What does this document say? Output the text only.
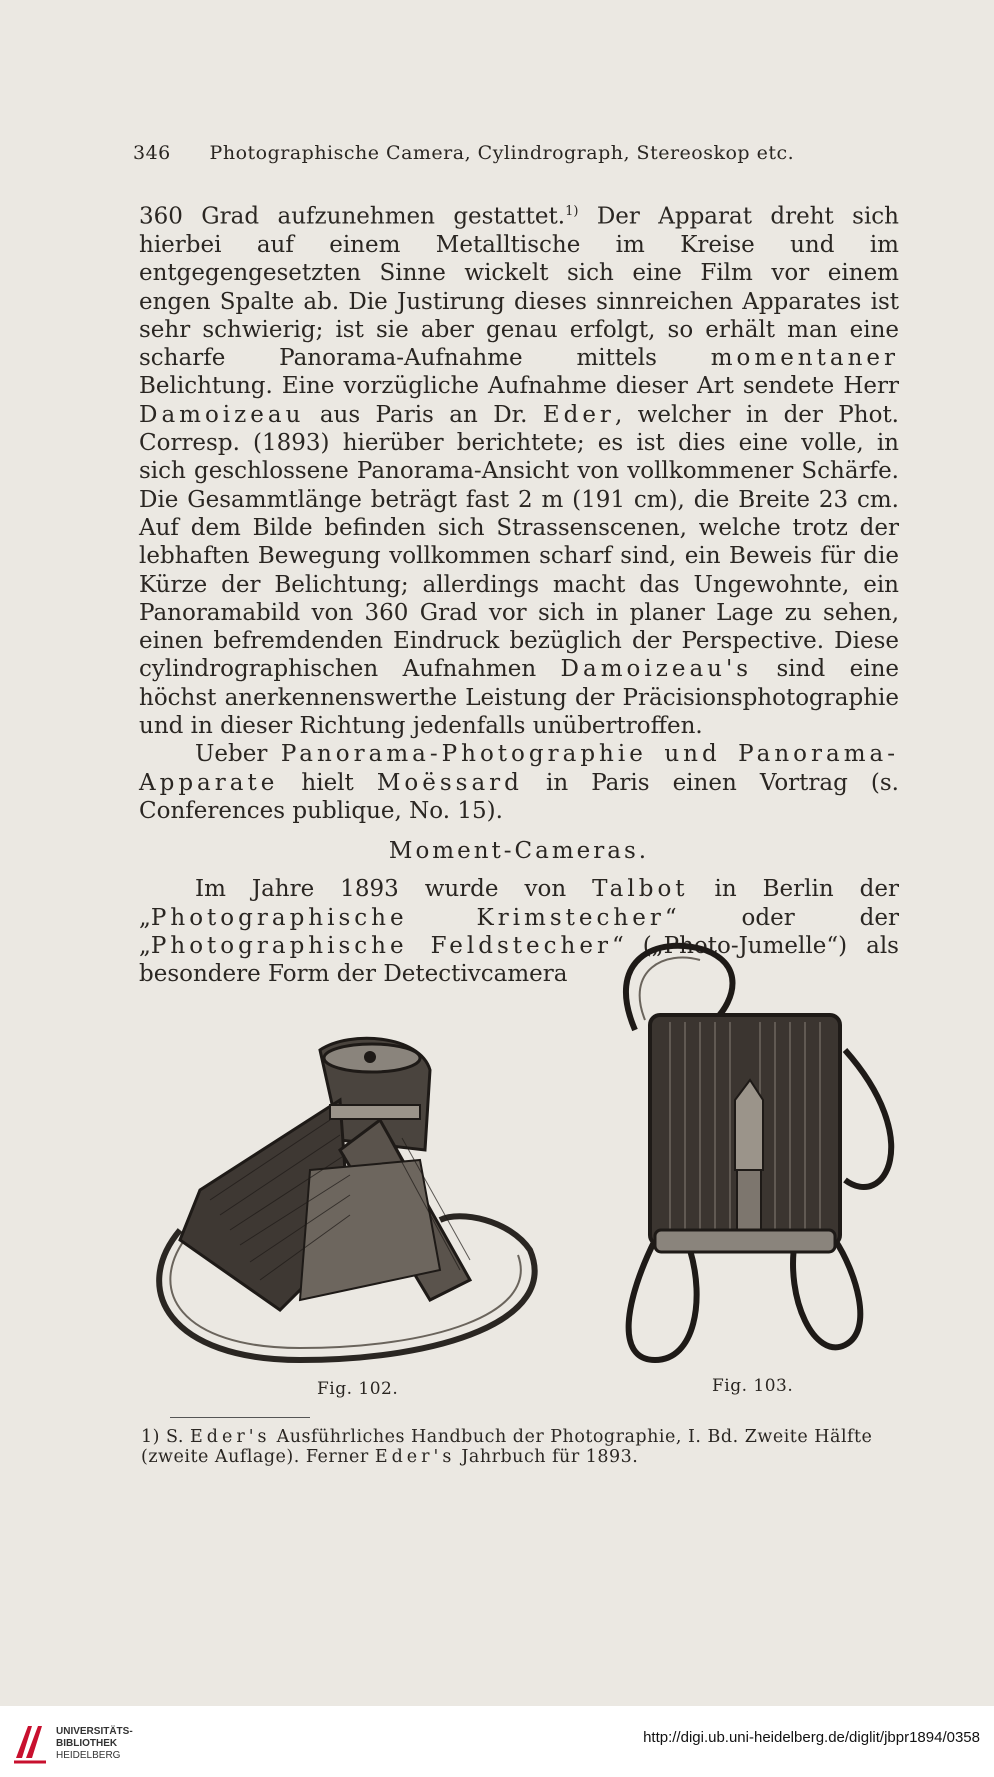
346 Photographische Camera, Cylindrograph, Stereoskop etc.

360 Grad aufzunehmen gestattet.$^{1)}$ Der Apparat dreht sich hierbei auf einem Metalltische im Kreise und im entgegengesetzten Sinne wickelt sich eine Film vor einem engen Spalte ab. Die Justirung dieses sinnreichen Apparates ist sehr schwierig; ist sie aber genau erfolgt, so erhält man eine scharfe Panorama-Aufnahme mittels momentaner Belichtung. Eine vorzügliche Aufnahme dieser Art sendete Herr Damoizeau aus Paris an Dr. Eder, welcher in der Phot. Corresp. (1893) hierüber berichtete; es ist dies eine volle, in sich geschlossene Panorama-Ansicht von vollkommener Schärfe. Die Gesammtlänge beträgt fast 2 m (191 cm), die Breite 23 cm. Auf dem Bilde befinden sich Strassenscenen, welche trotz der lebhaften Bewegung vollkommen scharf sind, ein Beweis für die Kürze der Belichtung; allerdings macht das Ungewohnte, ein Panoramabild von 360 Grad vor sich in planer Lage zu sehen, einen befremdenden Eindruck bezüglich der Perspective. Diese cylindrographischen Aufnahmen Damoizeau's sind eine höchst anerkennenswerthe Leistung der Präcisionsphotographie und in dieser Richtung jedenfalls unübertroffen.

Ueber Panorama-Photographie und Panorama-Apparate hielt Moëssard in Paris einen Vortrag (s. Conferences publique, No. 15).

Moment-Cameras.

Im Jahre 1893 wurde von Talbot in Berlin der „Photographische Krimstecher“ oder der „Photographische Feldstecher“ („Photo-Jumelle“) als besondere Form der Detectivcamera

Fig. 102.	Fig. 103.
1) S. Eder's Ausführliches Handbuch der Photographie, I. Bd. Zweite Hälfte (zweite Auflage). Ferner Eder's Jahrbuch für 1893.
UNIVERSITÄTS-
BIBLIOTHEK
HEIDELBERG
http://digi.ub.uni-heidelberg.de/diglit/jbpr1894/0358
